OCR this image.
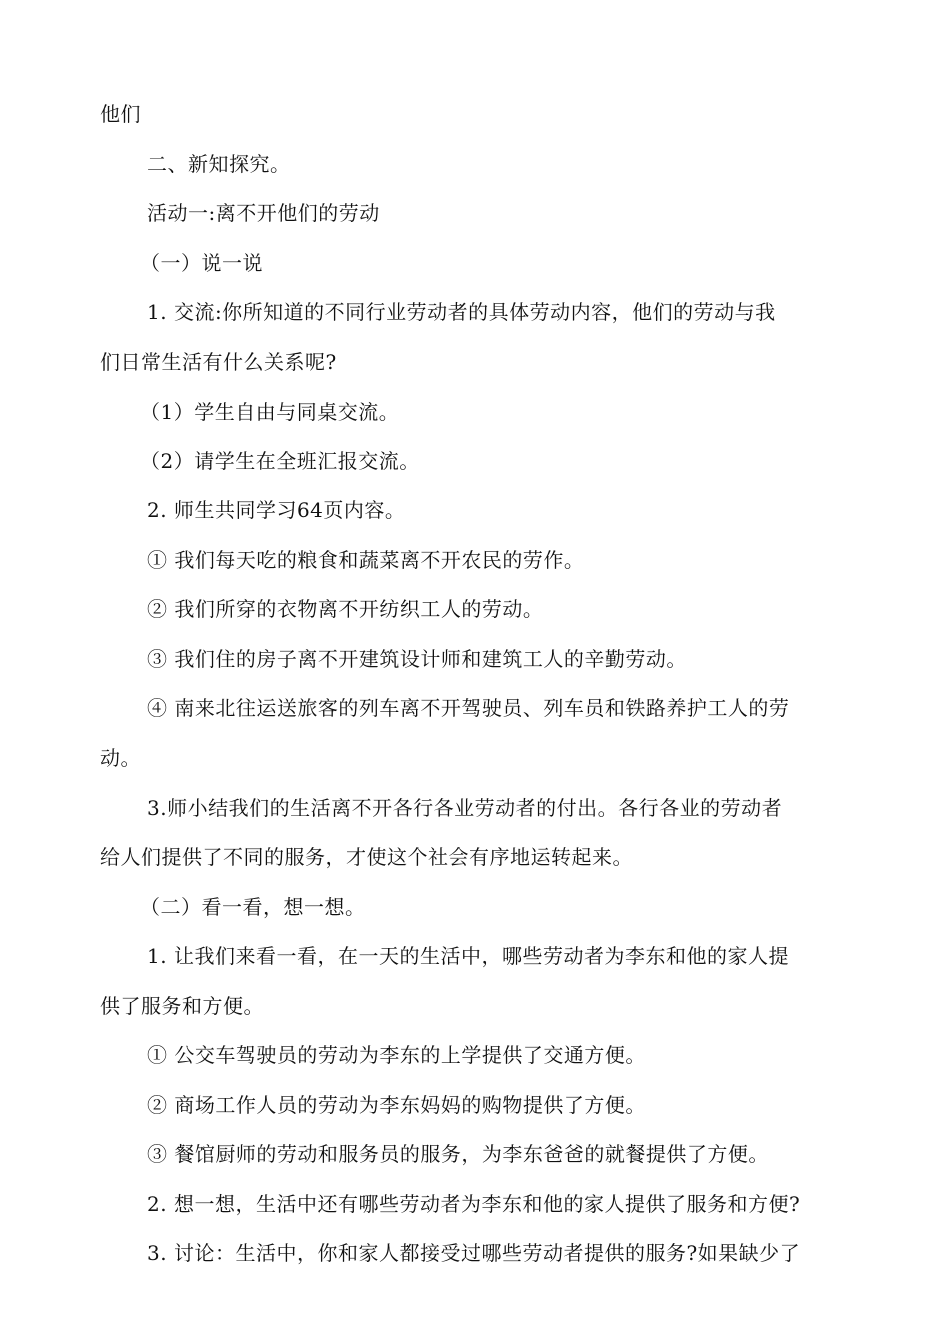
他们
二、新知探究。
活动一:离不开他们的劳动
（一）说一说
1. 交流:你所知道的不同行业劳动者的具体劳动内容，他们的劳动与我
们日常生活有什么关系呢?
（1）学生自由与同桌交流。
（2）请学生在全班汇报交流。
2. 师生共同学习64页内容。
① 我们每天吃的粮食和蔬菜离不开农民的劳作。
② 我们所穿的衣物离不开纺织工人的劳动。
③ 我们住的房子离不开建筑设计师和建筑工人的辛勤劳动。
④ 南来北往运送旅客的列车离不开驾驶员、列车员和铁路养护工人的劳
动。
3.师小结我们的生活离不开各行各业劳动者的付出。各行各业的劳动者
给人们提供了不同的服务，才使这个社会有序地运转起来。
（二）看一看，想一想。
1. 让我们来看一看，在一天的生活中，哪些劳动者为李东和他的家人提
供了服务和方便。
① 公交车驾驶员的劳动为李东的上学提供了交通方便。
② 商场工作人员的劳动为李东妈妈的购物提供了方便。
③ 餐馆厨师的劳动和服务员的服务，为李东爸爸的就餐提供了方便。
2. 想一想，生活中还有哪些劳动者为李东和他的家人提供了服务和方便?
3. 讨论：生活中，你和家人都接受过哪些劳动者提供的服务?如果缺少了
